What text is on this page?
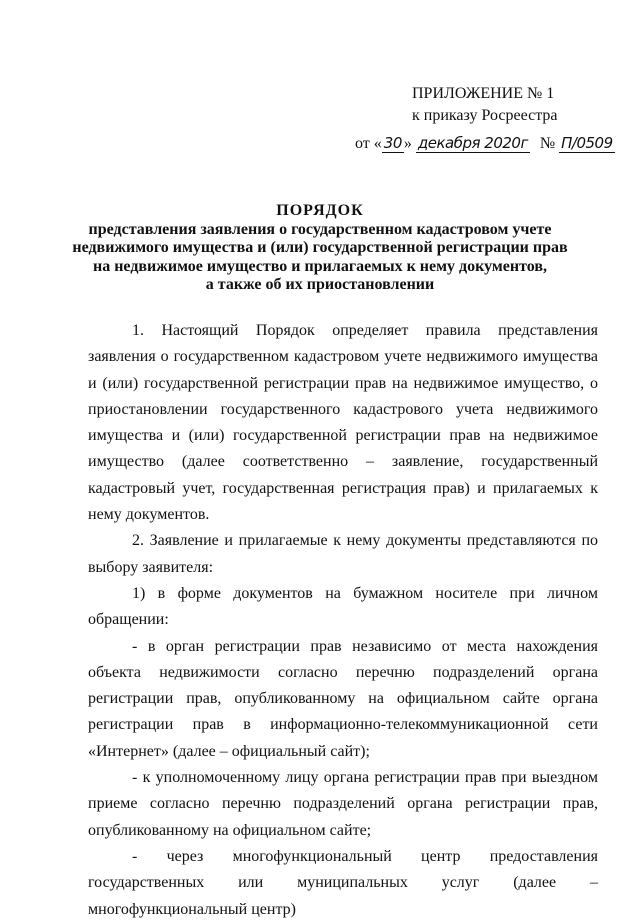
ПРИЛОЖЕНИЕ № 1
к приказу Росреестра
от « 30 » декабря 2020г № П/0509
ПОРЯДОК
представления заявления о государственном кадастровом учете
недвижимого имущества и (или) государственной регистрации прав
на недвижимое имущество и прилагаемых к нему документов,
а также об их приостановлении

1. Настоящий Порядок определяет правила представления заявления о государственном кадастровом учете недвижимого имущества и (или) государственной регистрации прав на недвижимое имущество, о приостановлении государственного кадастрового учета недвижимого имущества и (или) государственной регистрации прав на недвижимое имущество (далее соответственно – заявление, государственный кадастровый учет, государственная регистрация прав) и прилагаемых к нему документов.

2. Заявление и прилагаемые к нему документы представляются по выбору заявителя:

1) в форме документов на бумажном носителе при личном обращении:

- в орган регистрации прав независимо от места нахождения объекта недвижимости согласно перечню подразделений органа регистрации прав, опубликованному на официальном сайте органа регистрации прав в информационно-телекоммуникационной сети «Интернет» (далее – официальный сайт);

- к уполномоченному лицу органа регистрации прав при выездном приеме согласно перечню подразделений органа регистрации прав, опубликованному на официальном сайте;

- через многофункциональный центр предоставления государственных или муниципальных услуг (далее – многофункциональный центр)
